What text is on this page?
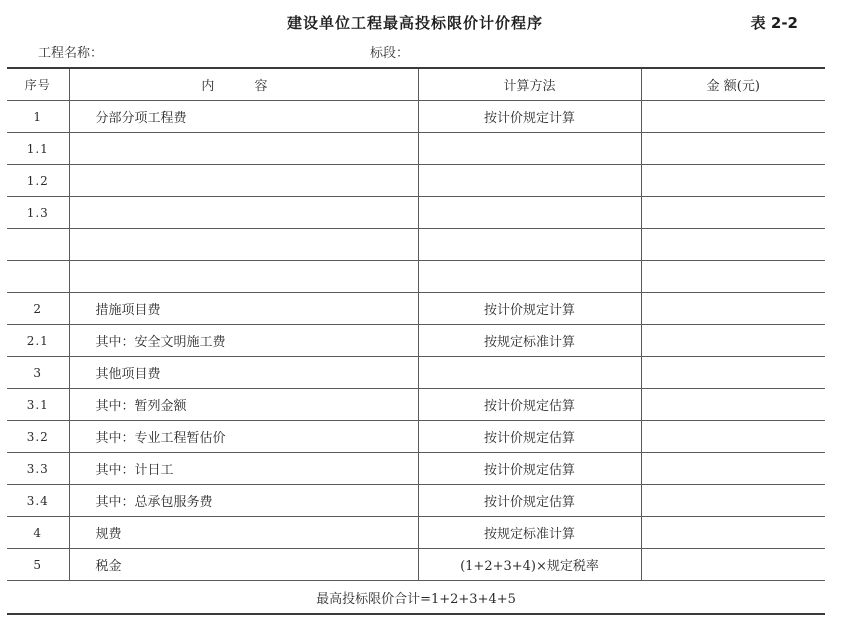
建设单位工程最高投标限价计价程序	表 2-2
工程名称：	标段：
序号	内 容	计算方法	金 额(元)
1	分部分项工程费	按计价规定计算	
1.1			
1.2			
1.3			

2	措施项目费	按计价规定计算	
2.1	其中：安全文明施工费	按规定标准计算	
3	其他项目费		
3.1	其中：暂列金额	按计价规定估算	
3.2	其中：专业工程暂估价	按计价规定估算	
3.3	其中：计日工	按计价规定估算	
3.4	其中：总承包服务费	按计价规定估算	
4	规费	按规定标准计算	
5	税金	(1+2+3+4)×规定税率	
最高投标限价合计=1+2+3+4+5			
